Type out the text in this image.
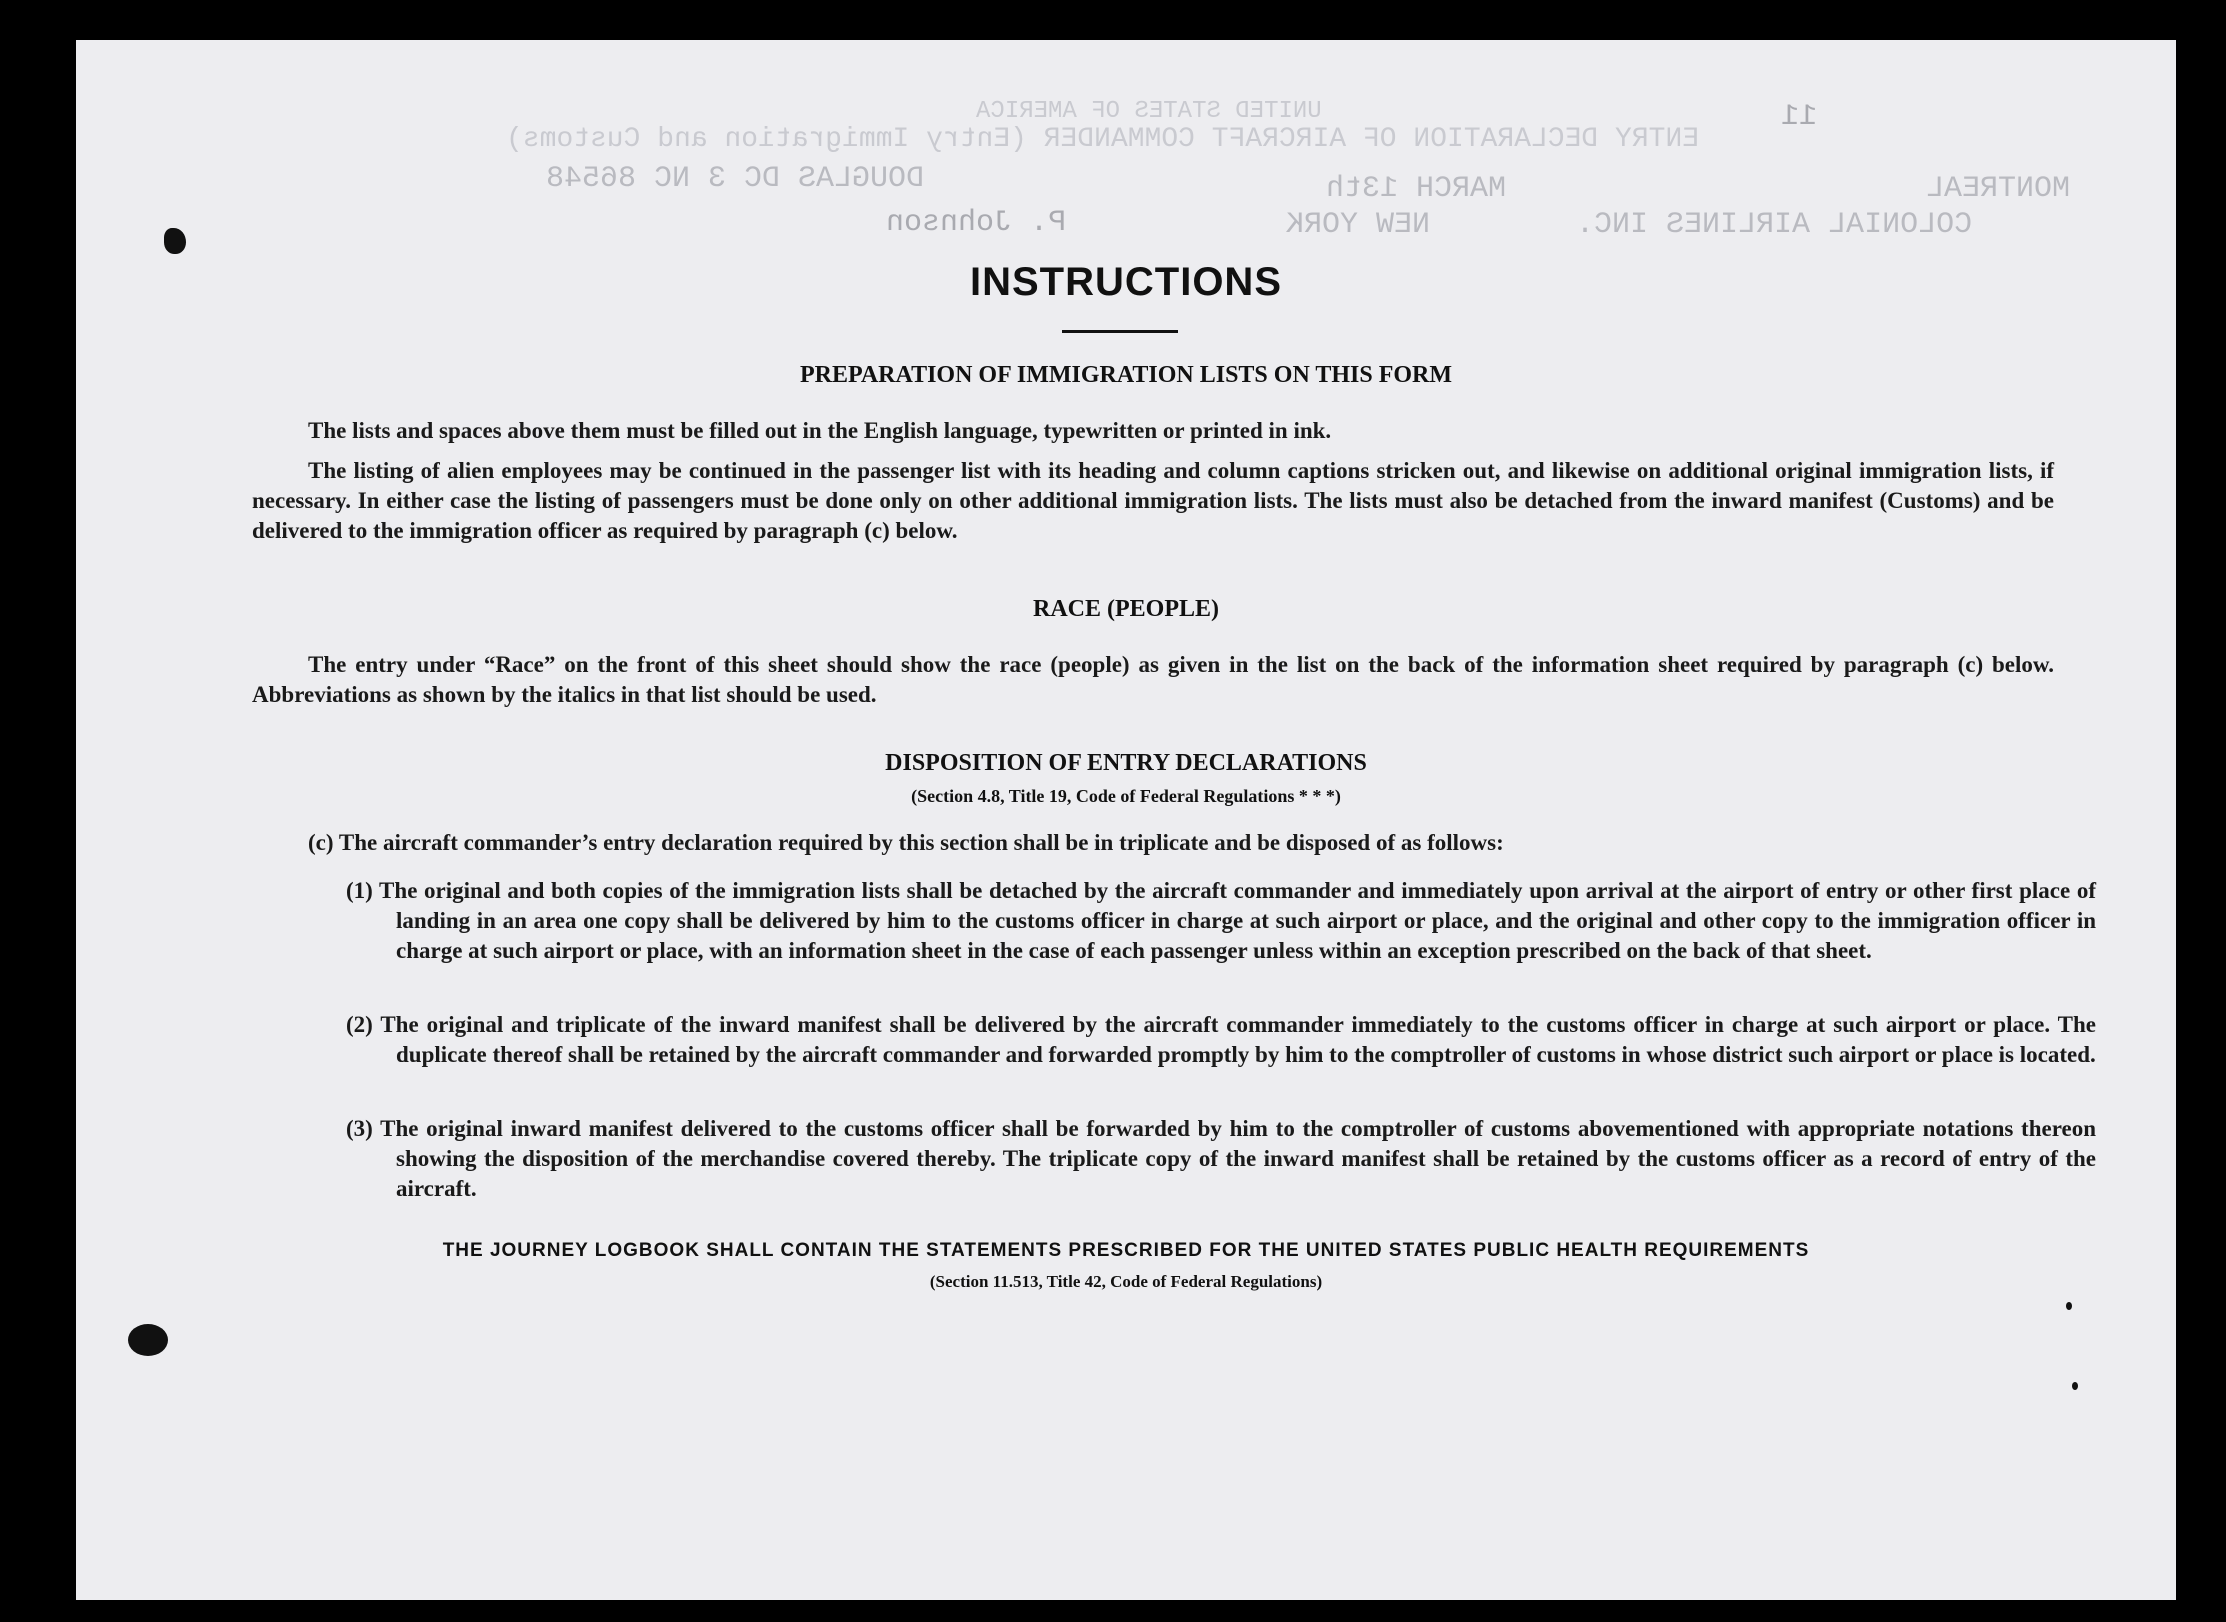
UNITED STATES OF AMERICA
ENTRY DECLARATION OF AIRCRAFT COMMANDER (Entry Immigration and Customs)
DOUGLAS DC 3 NC 86548	MARCH 13th
NEW YORK	COLONIAL AIRLINES INC.
MONTREAL
P. Johnson
11
INSTRUCTIONS
PREPARATION OF IMMIGRATION LISTS ON THIS FORM
The lists and spaces above them must be filled out in the English language, typewritten or printed in ink.
The listing of alien employees may be continued in the passenger list with its heading and column captions stricken out, and likewise on additional original immigration lists, if necessary. In either case the listing of passengers must be done only on other additional immigration lists. The lists must also be detached from the inward manifest (Customs) and be delivered to the immigration officer as required by paragraph (c) below.
RACE (PEOPLE)
The entry under “Race” on the front of this sheet should show the race (people) as given in the list on the back of the information sheet required by paragraph (c) below. Abbreviations as shown by the italics in that list should be used.
DISPOSITION OF ENTRY DECLARATIONS
(Section 4.8, Title 19, Code of Federal Regulations * * *)
(c) The aircraft commander’s entry declaration required by this section shall be in triplicate and be disposed of as follows:
(1) The original and both copies of the immigration lists shall be detached by the aircraft commander and immediately upon arrival at the airport of entry or other first place of landing in an area one copy shall be delivered by him to the customs officer in charge at such airport or place, and the original and other copy to the immigration officer in charge at such airport or place, with an information sheet in the case of each passenger unless within an exception prescribed on the back of that sheet.
(2) The original and triplicate of the inward manifest shall be delivered by the aircraft commander immediately to the customs officer in charge at such airport or place. The duplicate thereof shall be retained by the aircraft commander and forwarded promptly by him to the comptroller of customs in whose district such airport or place is located.
(3) The original inward manifest delivered to the customs officer shall be forwarded by him to the comptroller of customs abovementioned with appropriate notations thereon showing the disposition of the merchandise covered thereby. The triplicate copy of the inward manifest shall be retained by the customs officer as a record of entry of the aircraft.
THE JOURNEY LOGBOOK SHALL CONTAIN THE STATEMENTS PRESCRIBED FOR THE UNITED STATES PUBLIC HEALTH REQUIREMENTS
(Section 11.513, Title 42, Code of Federal Regulations)
